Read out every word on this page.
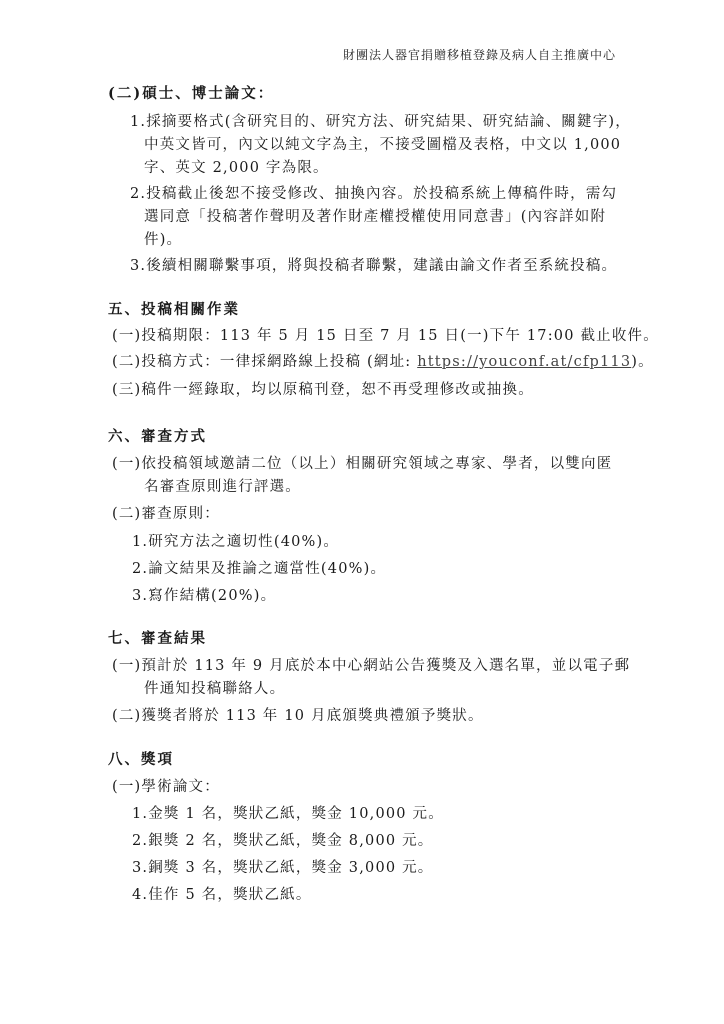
財團法人器官捐贈移植登錄及病人自主推廣中心
(二)碩士、博士論文：
1.採摘要格式(含研究目的、研究方法、研究結果、研究結論、關鍵字)，
中英文皆可，內文以純文字為主，不接受圖檔及表格，中文以 1,000
字、英文 2,000 字為限。
2.投稿截止後恕不接受修改、抽換內容。於投稿系統上傳稿件時，需勾
選同意「投稿著作聲明及著作財產權授權使用同意書」(內容詳如附
件)。
3.後續相關聯繫事項，將與投稿者聯繫，建議由論文作者至系統投稿。
五、投稿相關作業
(一)投稿期限：113 年 5 月 15 日至 7 月 15 日(一)下午 17:00 截止收件。
(二)投稿方式：一律採網路線上投稿 (網址: https://youconf.at/cfp113)。
(三)稿件一經錄取，均以原稿刊登，恕不再受理修改或抽換。
六、審查方式
(一)依投稿領域邀請二位（以上）相關研究領域之專家、學者，以雙向匿
名審查原則進行評選。
(二)審查原則：
1.研究方法之適切性(40%)。
2.論文結果及推論之適當性(40%)。
3.寫作結構(20%)。
七、審查結果
(一)預計於 113 年 9 月底於本中心網站公告獲獎及入選名單，並以電子郵
件通知投稿聯絡人。
(二)獲獎者將於 113 年 10 月底頒獎典禮頒予獎狀。
八、獎項
(一)學術論文：
1.金獎 1 名，獎狀乙紙，獎金 10,000 元。
2.銀獎 2 名，獎狀乙紙，獎金 8,000 元。
3.銅獎 3 名，獎狀乙紙，獎金 3,000 元。
4.佳作 5 名，獎狀乙紙。
